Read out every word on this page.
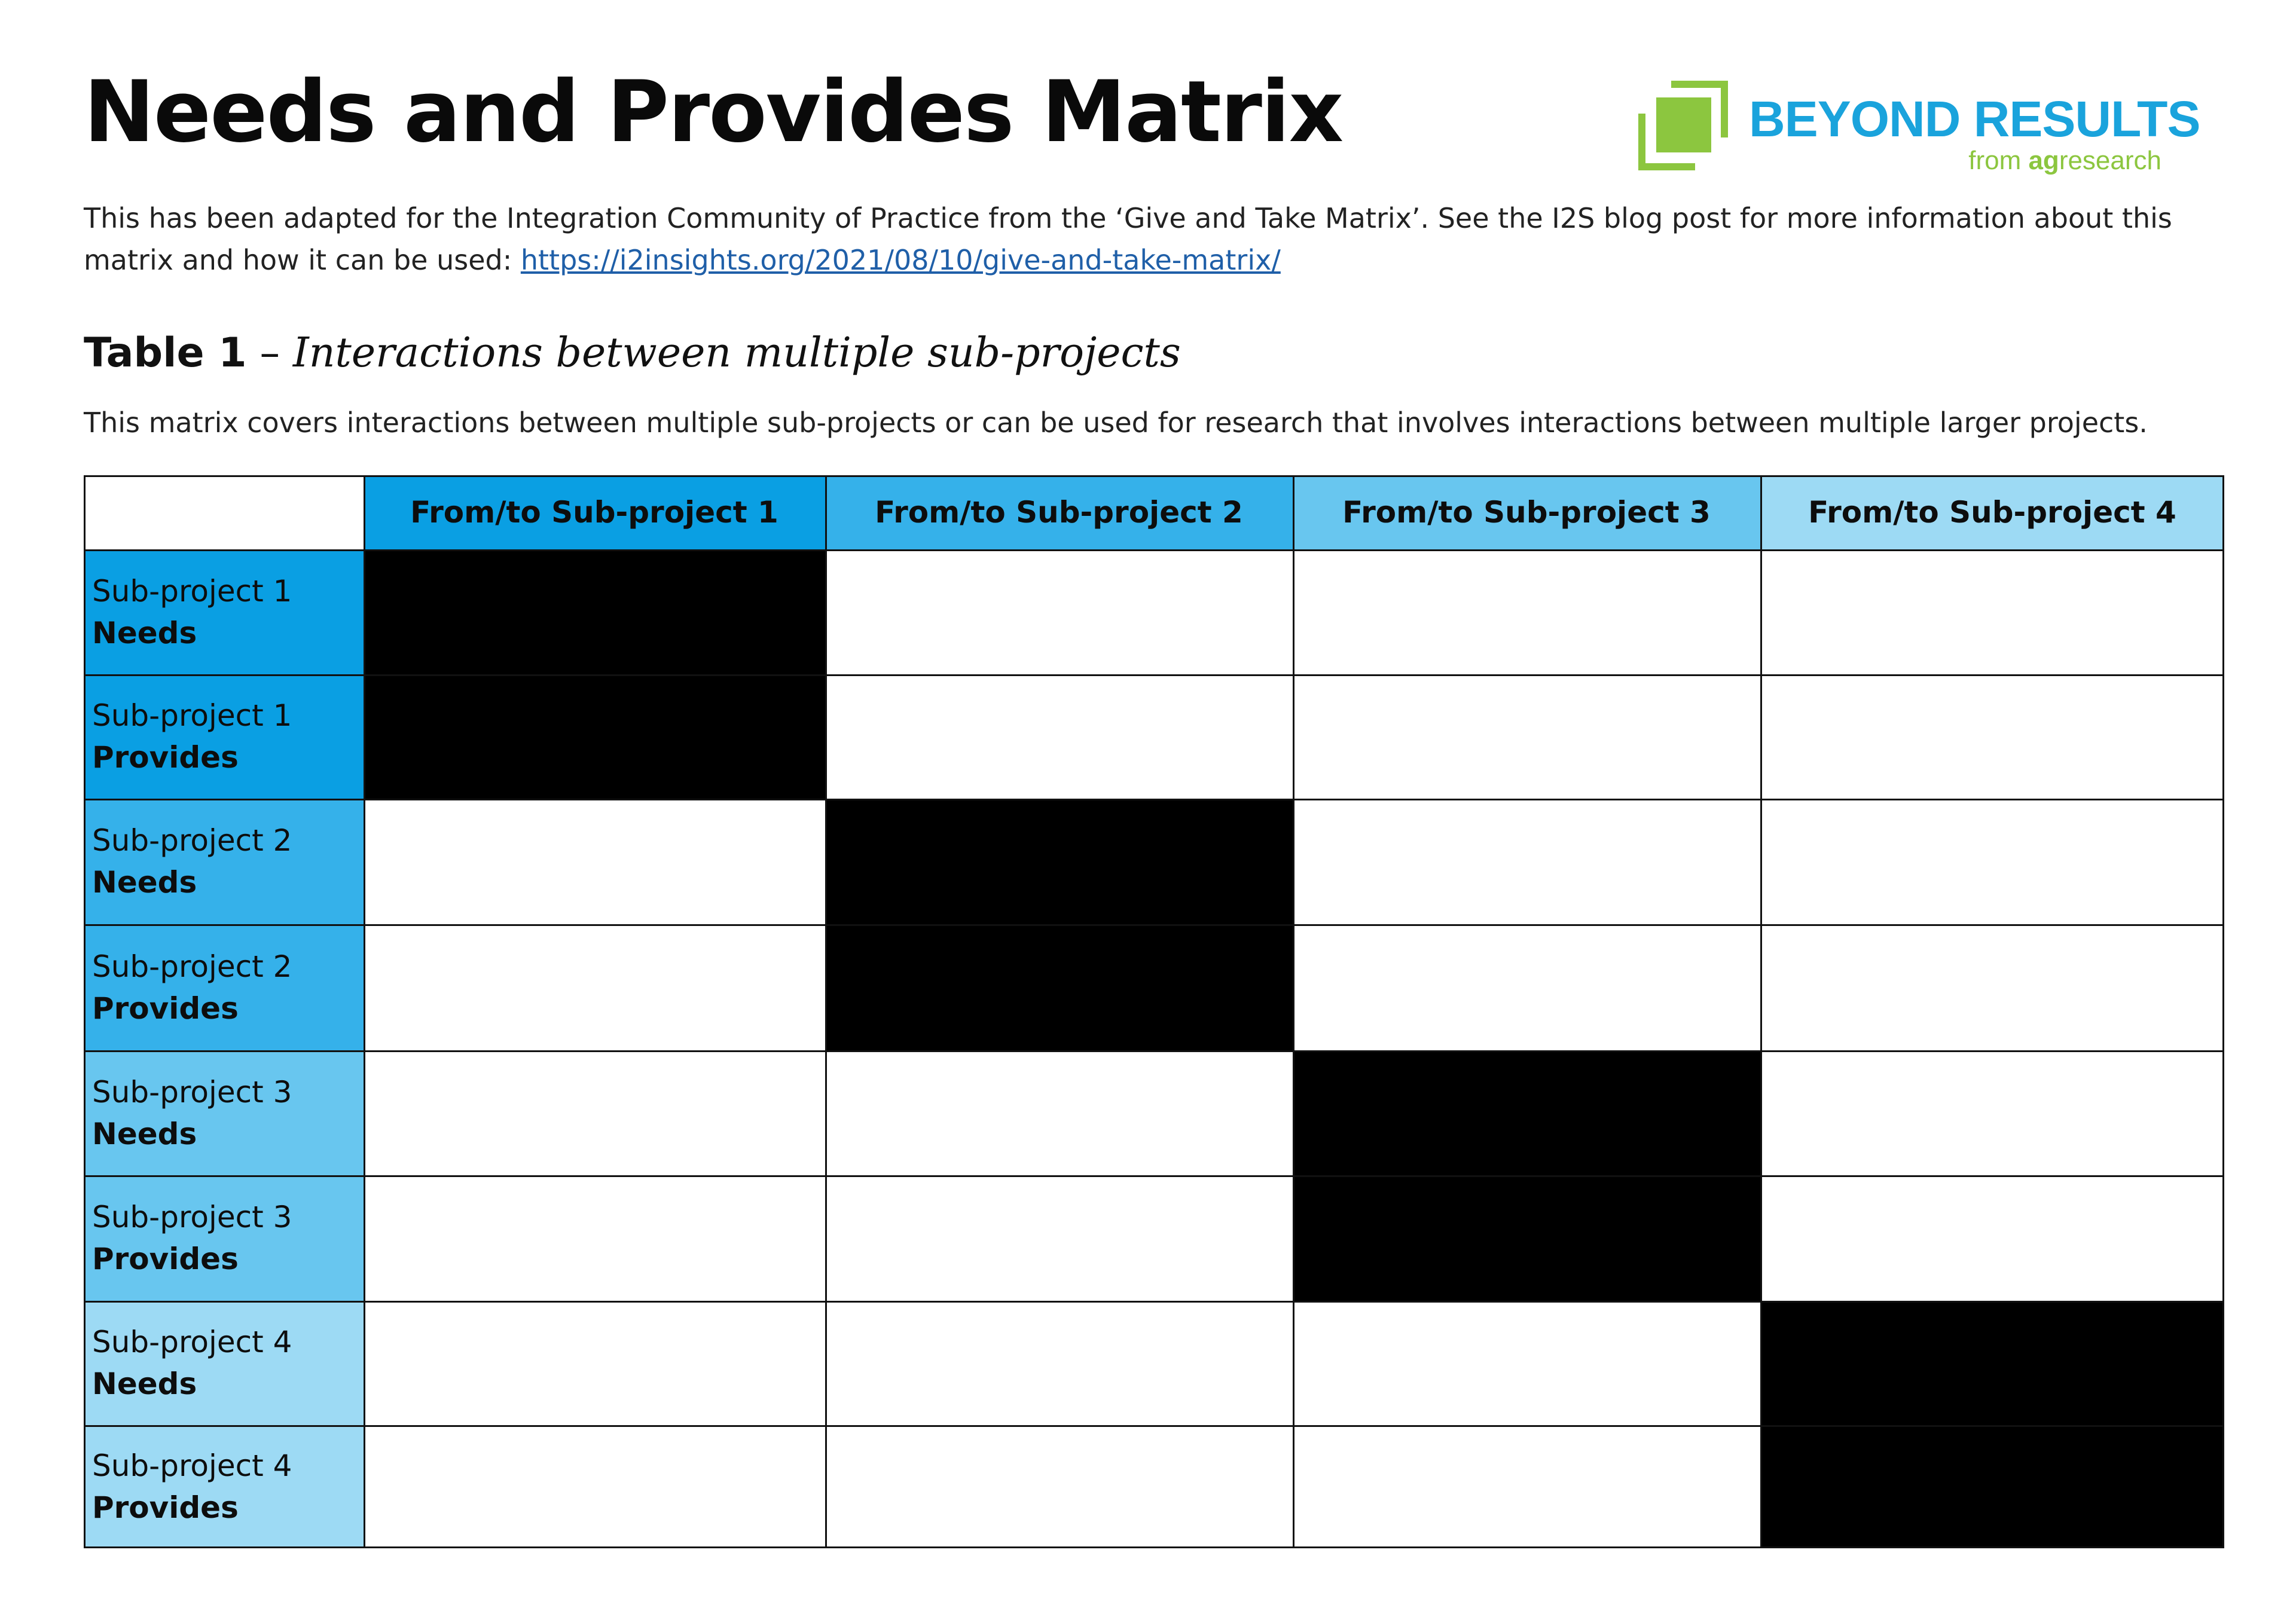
Needs and Provides Matrix	BEYOND RESULTS
from agresearch

This has been adapted for the Integration Community of Practice from the ‘Give and Take Matrix’. See the I2S blog post for more information about this matrix and how it can be used: https://i2insights.org/2021/08/10/give-and-take-matrix/

Table 1 – Interactions between multiple sub-projects

This matrix covers interactions between multiple sub-projects or can be used for research that involves interactions between multiple larger projects.

From/to Sub-project 1	From/to Sub-project 2	From/to Sub-project 3	From/to Sub-project 4
Sub-project 1
Needs
Sub-project 1
Provides
Sub-project 2
Needs
Sub-project 2
Provides
Sub-project 3
Needs
Sub-project 3
Provides
Sub-project 4
Needs
Sub-project 4
Provides
